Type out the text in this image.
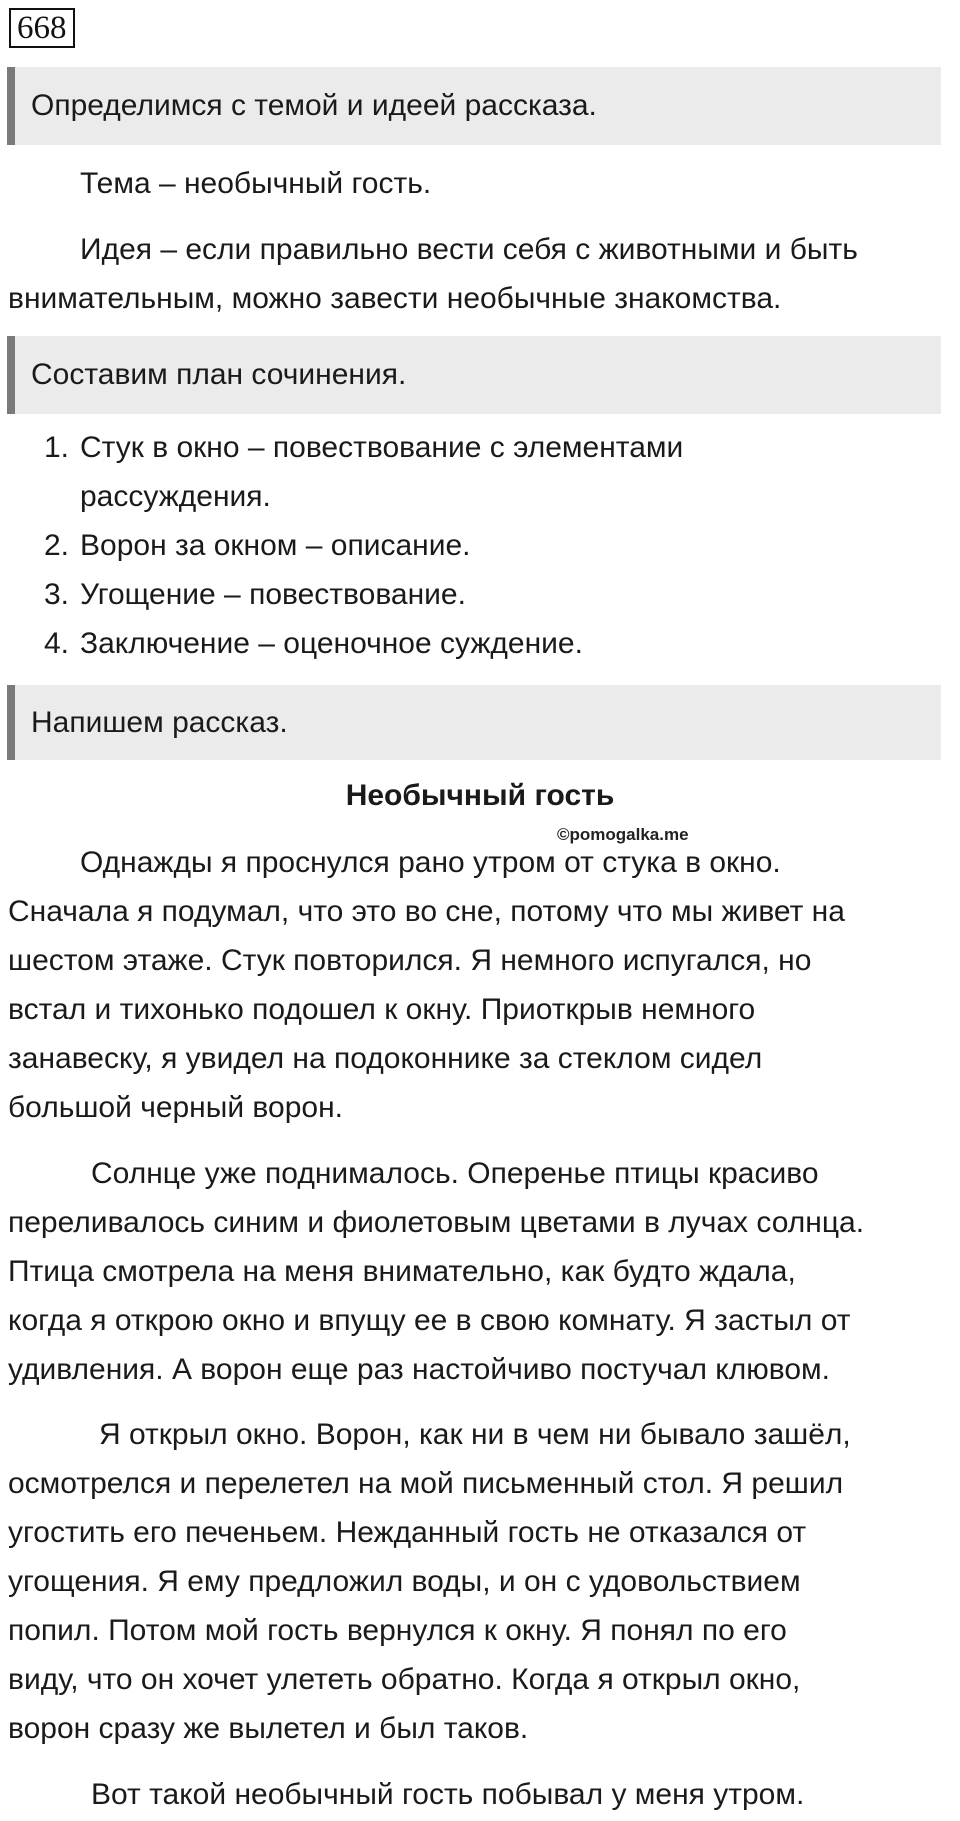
668
Определимся с темой и идеей рассказа.
Тема – необычный гость.
Идея – если правильно вести себя с животными и быть
внимательным, можно завести необычные знакомства.
Составим план сочинения.
1. Стук в окно – повествование с элементами
рассуждения.
2. Ворон за окном – описание.
3. Угощение – повествование.
4. Заключение – оценочное суждение.
Напишем рассказ.
Необычный гость
©pomogalka.me
Однажды я проснулся рано утром от стука в окно.
Сначала я подумал, что это во сне, потому что мы живет на
шестом этаже. Стук повторился. Я немного испугался, но
встал и тихонько подошел к окну. Приоткрыв немного
занавеску, я увидел на подоконнике за стеклом сидел
большой черный ворон.
Солнце уже поднималось. Оперенье птицы красиво
переливалось синим и фиолетовым цветами в лучах солнца.
Птица смотрела на меня внимательно, как будто ждала,
когда я открою окно и впущу ее в свою комнату. Я застыл от
удивления. А ворон еще раз настойчиво постучал клювом.
Я открыл окно. Ворон, как ни в чем ни бывало зашёл,
осмотрелся и перелетел на мой письменный стол. Я решил
угостить его печеньем. Нежданный гость не отказался от
угощения. Я ему предложил воды, и он с удовольствием
попил. Потом мой гость вернулся к окну. Я понял по его
виду, что он хочет улететь обратно. Когда я открыл окно,
ворон сразу же вылетел и был таков.
Вот такой необычный гость побывал у меня утром.
